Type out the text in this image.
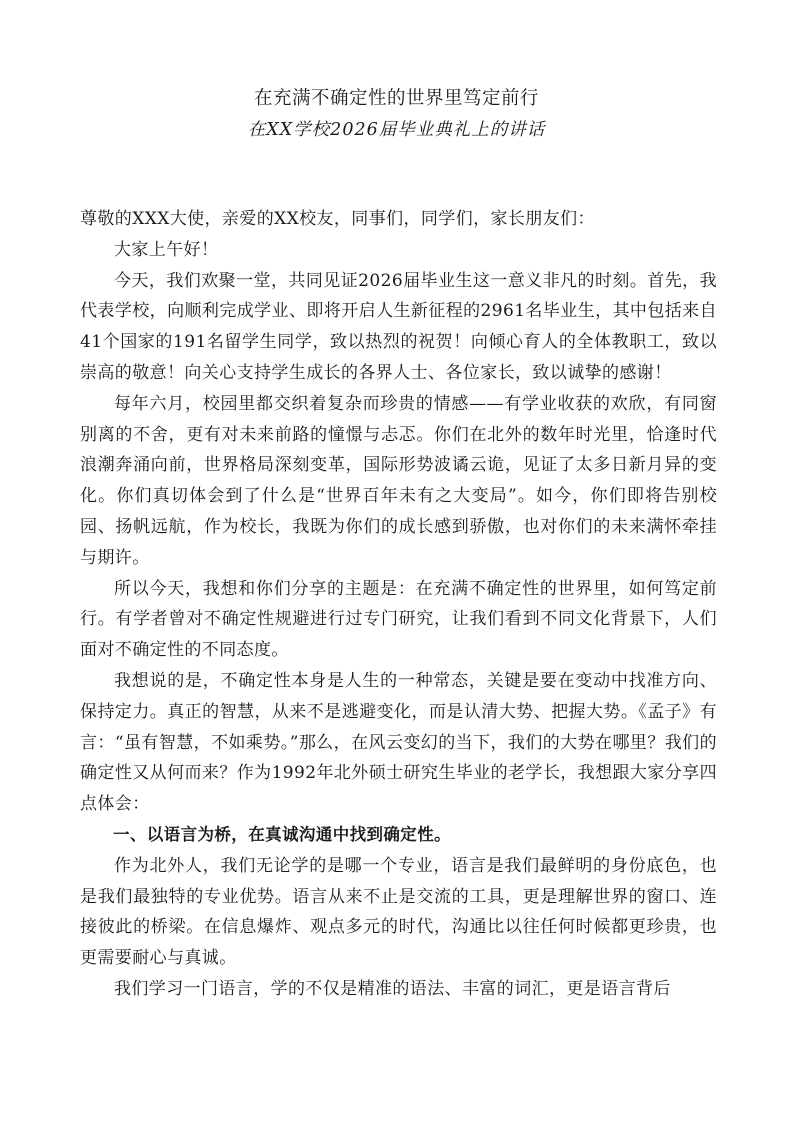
在充满不确定性的世界里笃定前行
在XX学校2026届毕业典礼上的讲话

尊敬的XXX大使，亲爱的XX校友，同事们，同学们，家长朋友们：

大家上午好！

今天，我们欢聚一堂，共同见证2026届毕业生这一意义非凡的时刻。首先，我代表学校，向顺利完成学业、即将开启人生新征程的2961名毕业生，其中包括来自41个国家的191名留学生同学，致以热烈的祝贺！向倾心育人的全体教职工，致以崇高的敬意！向关心支持学生成长的各界人士、各位家长，致以诚挚的感谢！

每年六月，校园里都交织着复杂而珍贵的情感——有学业收获的欢欣，有同窗别离的不舍，更有对未来前路的憧憬与忐忑。你们在北外的数年时光里，恰逢时代浪潮奔涌向前，世界格局深刻变革，国际形势波谲云诡，见证了太多日新月异的变化。你们真切体会到了什么是“世界百年未有之大变局”。如今，你们即将告别校园、扬帆远航，作为校长，我既为你们的成长感到骄傲，也对你们的未来满怀牵挂与期许。

所以今天，我想和你们分享的主题是：在充满不确定性的世界里，如何笃定前行。有学者曾对不确定性规避进行过专门研究，让我们看到不同文化背景下，人们面对不确定性的不同态度。

我想说的是，不确定性本身是人生的一种常态，关键是要在变动中找准方向、保持定力。真正的智慧，从来不是逃避变化，而是认清大势、把握大势。《孟子》有言：“虽有智慧，不如乘势。”那么，在风云变幻的当下，我们的大势在哪里？我们的确定性又从何而来？作为1992年北外硕士研究生毕业的老学长，我想跟大家分享四点体会：

一、以语言为桥，在真诚沟通中找到确定性。

作为北外人，我们无论学的是哪一个专业，语言是我们最鲜明的身份底色，也是我们最独特的专业优势。语言从来不止是交流的工具，更是理解世界的窗口、连接彼此的桥梁。在信息爆炸、观点多元的时代，沟通比以往任何时候都更珍贵，也更需要耐心与真诚。

我们学习一门语言，学的不仅是精准的语法、丰富的词汇，更是语言背后
